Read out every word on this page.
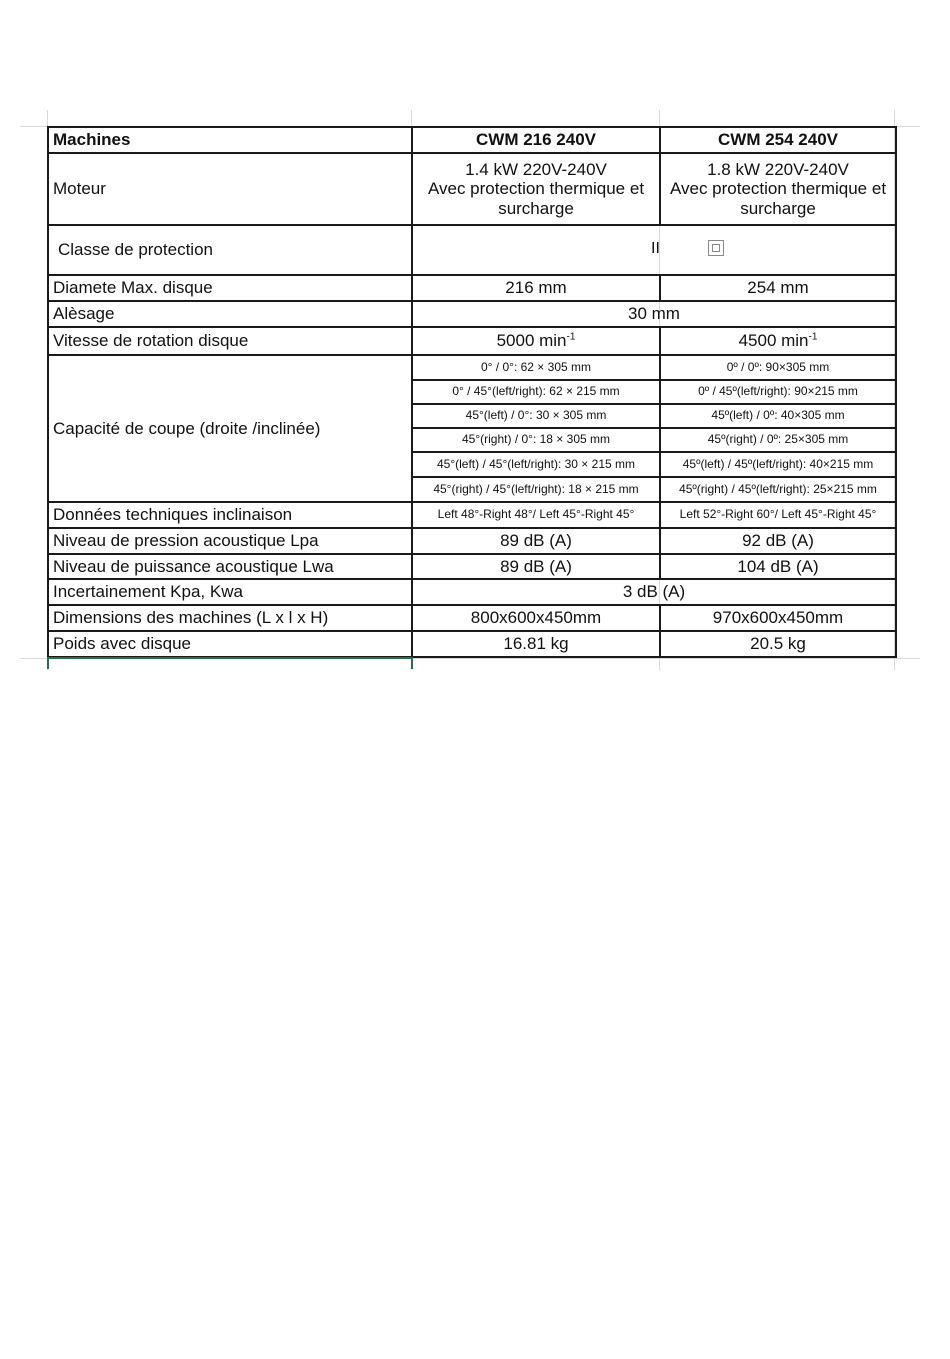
Machines	CWM 216 240V	CWM 254 240V
Moteur	1.4 kW 220V-240V
Avec protection thermique et
surcharge	1.8 kW 220V-240V
Avec protection thermique et
surcharge

Classe de protection	II	

Diamete Max. disque	216 mm	254 mm
Alèsage	30 mm	
Vitesse de rotation disque	5000 $\min^{-1}$	4500 $\min^{-1}$
Capacité de coupe (droite /inclinée)	0° / 0°: 62 × 305 mm	0º / 0º: 90×305 mm
	0° / 45°(left/right): 62 × 215 mm	0º / 45º(left/right): 90×215 mm
	45°(left) / 0°: 30 × 305 mm	45º(left) / 0º: 40×305 mm
	45°(right) / 0°: 18 × 305 mm	45º(right) / 0º: 25×305 mm
	45°(left) / 45°(left/right): 30 × 215 mm	45º(left) / 45º(left/right): 40×215 mm
	45°(right) / 45°(left/right): 18 × 215 mm	45º(right) / 45º(left/right): 25×215 mm
Données techniques inclinaison	Left 48°-Right 48°/ Left 45°-Right 45°	Left 52°-Right 60°/ Left 45°-Right 45°
Niveau de pression acoustique Lpa	89 dB (A)	92 dB (A)
Niveau de puissance acoustique Lwa	89 dB (A)	104 dB (A)
Incertainement Kpa, Kwa	3 dB (A)	
Dimensions des machines (L x l x H)	800x600x450mm	970x600x450mm
Poids avec disque	16.81 kg	20.5 kg
